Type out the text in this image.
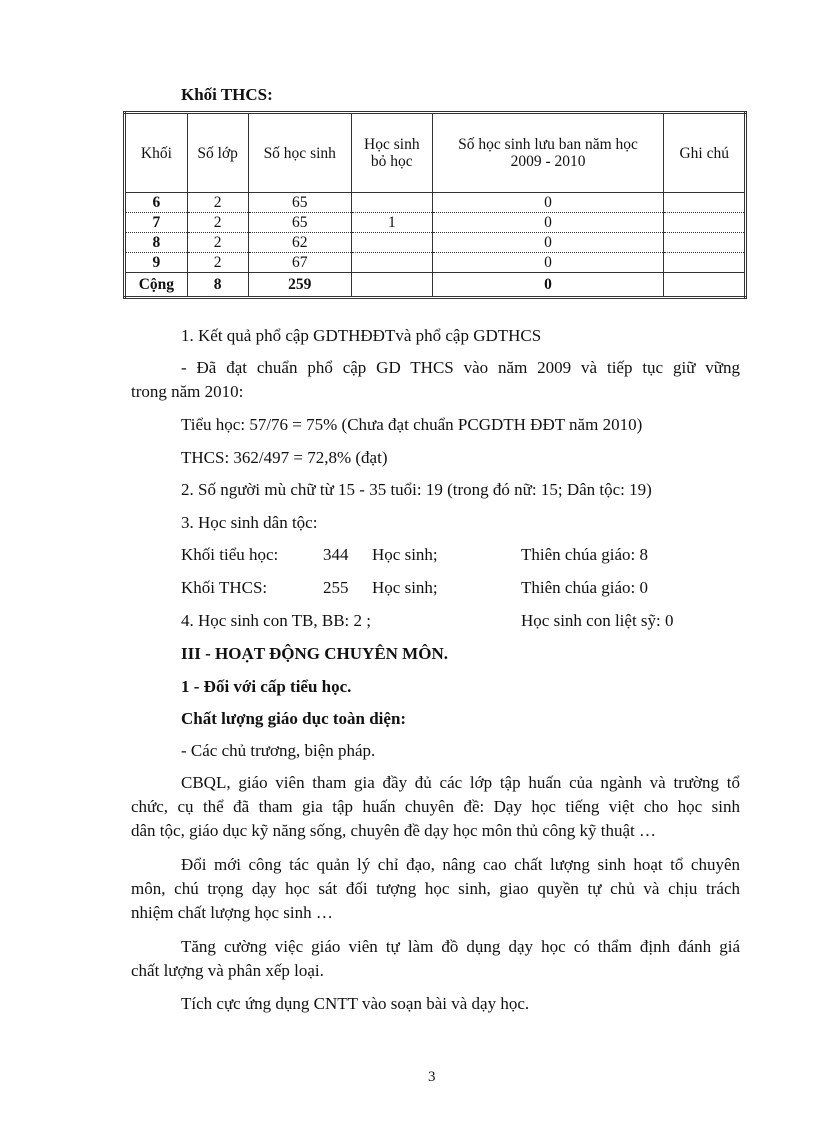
Khối THCS:
Khối	Số lớp	Số học sinh	Học sinh bỏ học	Số học sinh lưu ban năm học 2009 - 2010	Ghi chú
6	2	65		0	
7	2	65	1	0	
8	2	62		0	
9	2	67		0	
Cộng	8	259		0	
1. Kết quả phổ cập GDTHĐĐTvà phổ cập GDTHCS
- Đã đạt chuẩn phổ cập GD THCS vào năm 2009 và tiếp tục giữ vững
trong năm 2010:
Tiểu học: 57/76 = 75% (Chưa đạt chuẩn PCGDTH ĐĐT năm 2010)
THCS: 362/497 = 72,8% (đạt)
2. Số người mù chữ từ 15 - 35 tuổi: 19 (trong đó nữ: 15; Dân tộc: 19)
3. Học sinh dân tộc:
Khối tiểu học:	344 Học sinh;	Thiên chúa giáo: 8
Khối THCS:	255 Học sinh;	Thiên chúa giáo: 0
4. Học sinh con TB, BB: 2 ;	Học sinh con liệt sỹ: 0
III - HOẠT ĐỘNG CHUYÊN MÔN.
1 - Đối với cấp tiểu học.
Chất lượng giáo dục toàn diện:
- Các chủ trương, biện pháp.
CBQL, giáo viên tham gia đầy đủ các lớp tập huấn của ngành và trường tổ
chức, cụ thể đã tham gia tập huấn chuyên đề: Dạy học tiếng việt cho học sinh
dân tộc, giáo dục kỹ năng sống, chuyên đề dạy học môn thủ công kỹ thuật …
Đổi mới công tác quản lý chỉ đạo, nâng cao chất lượng sinh hoạt tổ chuyên
môn, chú trọng dạy học sát đối tượng học sinh, giao quyền tự chủ và chịu trách
nhiệm chất lượng học sinh …
Tăng cường việc giáo viên tự làm đồ dụng dạy học có thẩm định đánh giá
chất lượng và phân xếp loại.
Tích cực ứng dụng CNTT vào soạn bài và dạy học.
3
